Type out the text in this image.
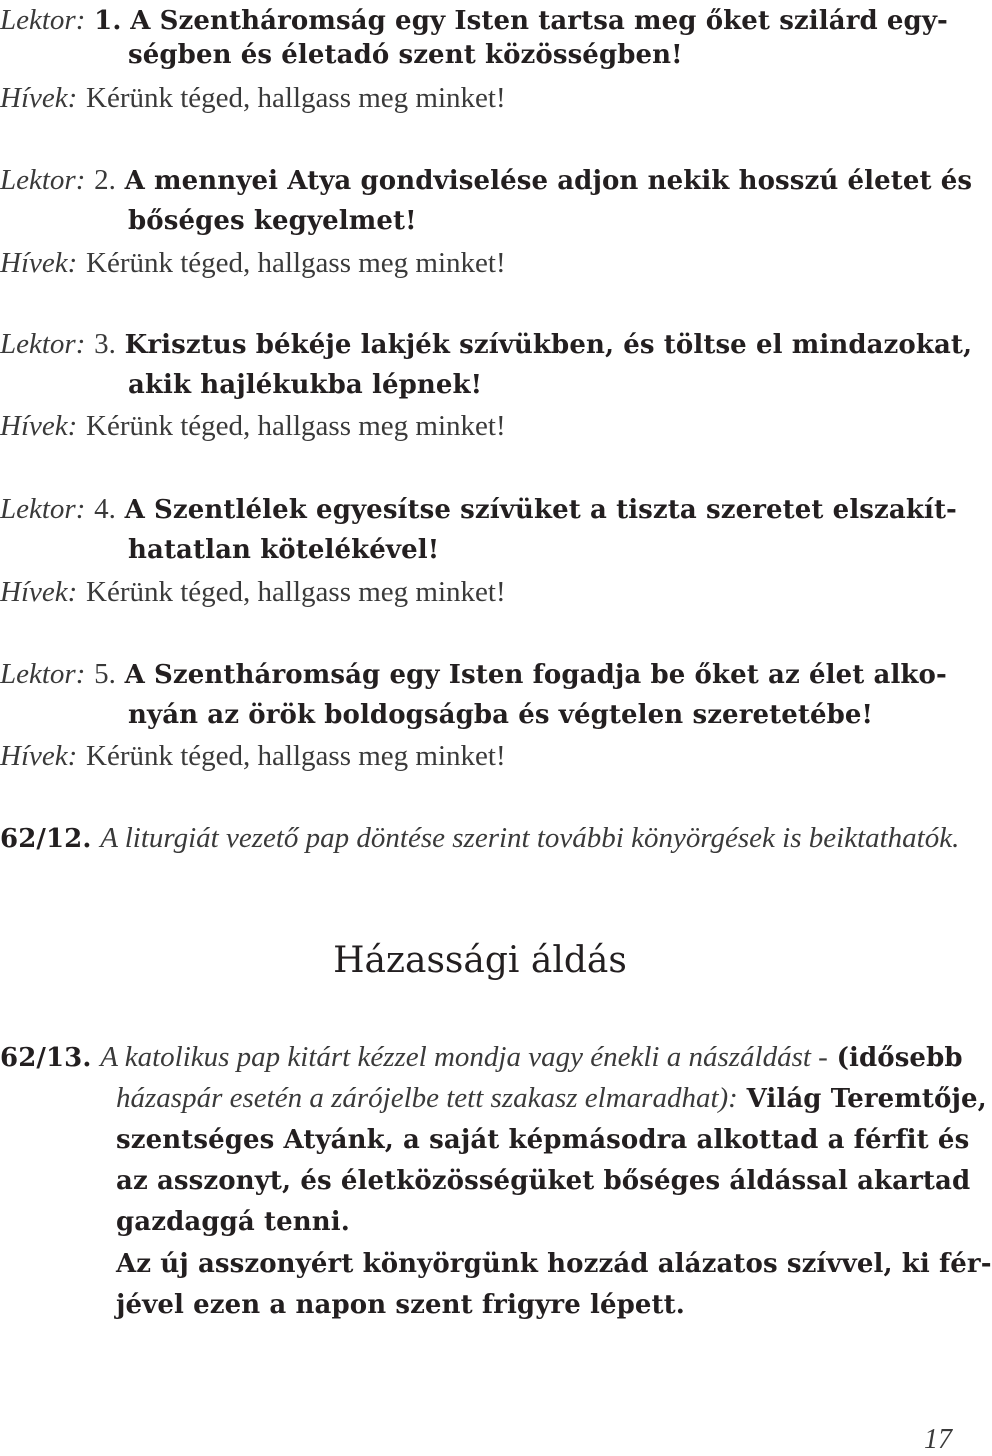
Lektor: 1. A Szentháromság egy Isten tartsa meg őket szilárd egy-
ségben és életadó szent közösségben!
Hívek: Kérünk téged, hallgass meg minket!
Lektor: 2. A mennyei Atya gondviselése adjon nekik hosszú életet és
bőséges kegyelmet!
Hívek: Kérünk téged, hallgass meg minket!
Lektor: 3. Krisztus békéje lakjék szívükben, és töltse el mindazokat,
akik hajlékukba lépnek!
Hívek: Kérünk téged, hallgass meg minket!
Lektor: 4. A Szentlélek egyesítse szívüket a tiszta szeretet elszakít-
hatatlan kötelékével!
Hívek: Kérünk téged, hallgass meg minket!
Lektor: 5. A Szentháromság egy Isten fogadja be őket az élet alko-
nyán az örök boldogságba és végtelen szeretetébe!
Hívek: Kérünk téged, hallgass meg minket!
62/12. A liturgiát vezető pap döntése szerint további könyörgések is beiktathatók.
Házassági áldás
62/13. A katolikus pap kitárt kézzel mondja vagy énekli a nászáldást - (idősebb
házaspár esetén a zárójelbe tett szakasz elmaradhat): Világ Teremtője,
szentséges Atyánk, a saját képmásodra alkottad a férfit és
az asszonyt, és életközösségüket bőséges áldással akartad
gazdaggá tenni.
Az új asszonyért könyörgünk hozzád alázatos szívvel, ki fér-
jével ezen a napon szent frigyre lépett.
17
